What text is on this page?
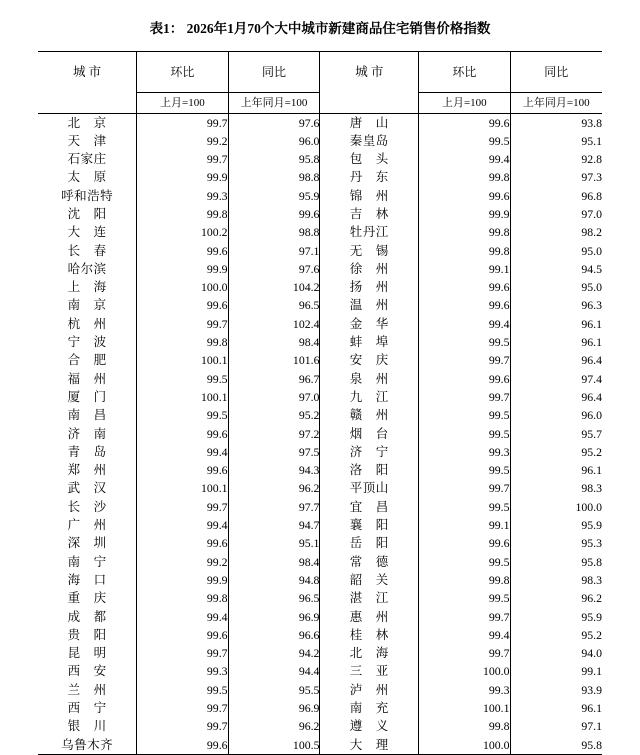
表1： 2026年1月70个大中城市新建商品住宅销售价格指数
城 市	环比	同比	城 市	环比	同比
	上月=100	上年同月=100		上月=100	上年同月=100
北　京	99.7	97.6	唐　山	99.6	93.8
天　津	99.2	96.0	秦皇岛	99.5	95.1
石家庄	99.7	95.8	包　头	99.4	92.8
太　原	99.9	98.8	丹　东	99.8	97.3
呼和浩特	99.3	95.9	锦　州	99.6	96.8
沈　阳	99.8	99.6	吉　林	99.9	97.0
大　连	100.2	98.8	牡丹江	99.8	98.2
长　春	99.6	97.1	无　锡	99.8	95.0
哈尔滨	99.9	97.6	徐　州	99.1	94.5
上　海	100.0	104.2	扬　州	99.6	95.0
南　京	99.6	96.5	温　州	99.6	96.3
杭　州	99.7	102.4	金　华	99.4	96.1
宁　波	99.8	98.4	蚌　埠	99.5	96.1
合　肥	100.1	101.6	安　庆	99.7	96.4
福　州	99.5	96.7	泉　州	99.6	97.4
厦　门	100.1	97.0	九　江	99.7	96.4
南　昌	99.5	95.2	赣　州	99.5	96.0
济　南	99.6	97.2	烟　台	99.5	95.7
青　岛	99.4	97.5	济　宁	99.3	95.2
郑　州	99.6	94.3	洛　阳	99.5	96.1
武　汉	100.1	96.2	平顶山	99.7	98.3
长　沙	99.7	97.7	宜　昌	99.5	100.0
广　州	99.4	94.7	襄　阳	99.1	95.9
深　圳	99.6	95.1	岳　阳	99.6	95.3
南　宁	99.2	98.4	常　德	99.5	95.8
海　口	99.9	94.8	韶　关	99.8	98.3
重　庆	99.8	96.5	湛　江	99.5	96.2
成　都	99.4	96.9	惠　州	99.7	95.9
贵　阳	99.6	96.6	桂　林	99.4	95.2
昆　明	99.7	94.2	北　海	99.7	94.0
西　安	99.3	94.4	三　亚	100.0	99.1
兰　州	99.5	95.5	泸　州	99.3	93.9
西　宁	99.7	96.9	南　充	100.1	96.1
银　川	99.7	96.2	遵　义	99.8	97.1
乌鲁木齐	99.6	100.5	大　理	100.0	95.8
